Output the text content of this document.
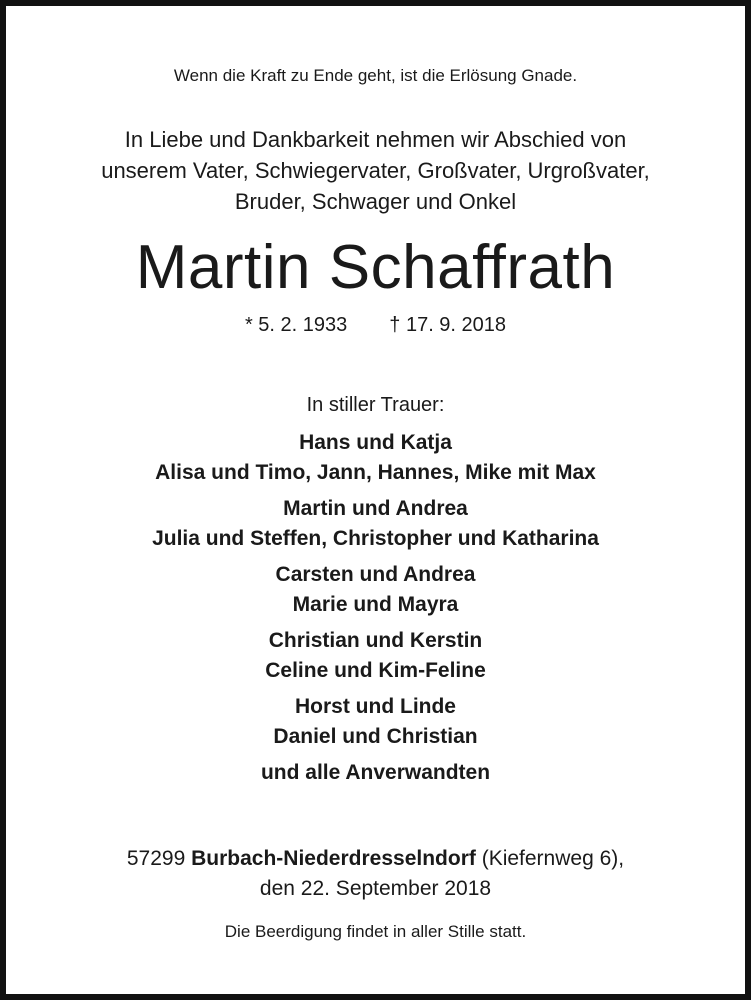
Wenn die Kraft zu Ende geht, ist die Erlösung Gnade.
In Liebe und Dankbarkeit nehmen wir Abschied von
unserem Vater, Schwiegervater, Großvater, Urgroßvater,
Bruder, Schwager und Onkel
Martin Schaffrath
* 5. 2. 1933 † 17. 9. 2018
In stiller Trauer:
Hans und Katja
Alisa und Timo, Jann, Hannes, Mike mit Max
Martin und Andrea
Julia und Steffen, Christopher und Katharina
Carsten und Andrea
Marie und Mayra
Christian und Kerstin
Celine und Kim-Feline
Horst und Linde
Daniel und Christian
und alle Anverwandten
57299 Burbach-Niederdresselndorf (Kiefernweg 6),
den 22. September 2018
Die Beerdigung findet in aller Stille statt.
